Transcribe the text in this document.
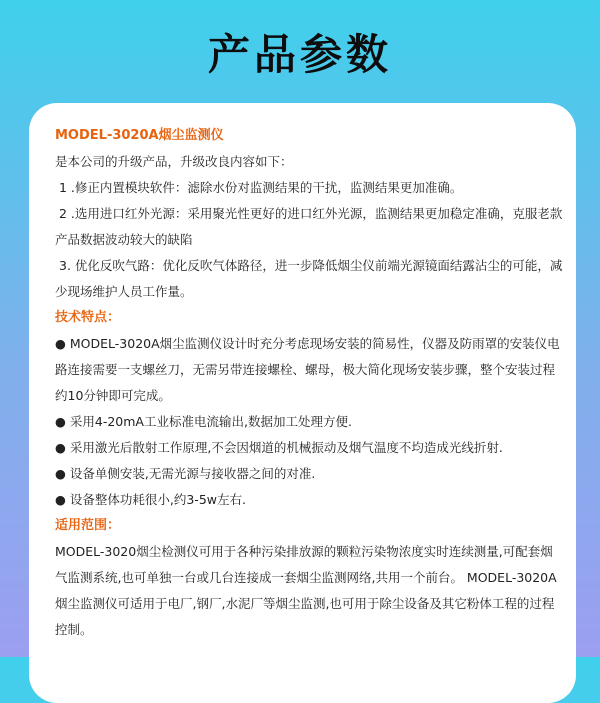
产品参数
MODEL-3020A烟尘监测仪
是本公司的升级产品，升级改良内容如下：
1 .修正内置模块软件：滤除水份对监测结果的干扰，监测结果更加准确。
2 .选用进口红外光源：采用聚光性更好的进口红外光源，监测结果更加稳定准确，克服老款
产品数据波动较大的缺陷
3. 优化反吹气路：优化反吹气体路径，进一步降低烟尘仪前端光源镜面结露沾尘的可能，减
少现场维护人员工作量。
技术特点：
● MODEL-3020A烟尘监测仪设计时充分考虑现场安装的简易性，仪器及防雨罩的安装仪电
路连接需要一支螺丝刀，无需另带连接螺栓、螺母，极大简化现场安装步骤，整个安装过程
约10分钟即可完成。
● 采用4-20mA工业标准电流输出,数据加工处理方便.
● 采用激光后散射工作原理,不会因烟道的机械振动及烟气温度不均造成光线折射.
● 设备单侧安装,无需光源与接收器之间的对准.
● 设备整体功耗很小,约3-5w左右.
适用范围：
MODEL-3020烟尘检测仪可用于各种污染排放源的颗粒污染物浓度实时连续测量,可配套烟
气监测系统,也可单独一台或几台连接成一套烟尘监测网络,共用一个前台。 MODEL-3020A
烟尘监测仪可适用于电厂,钢厂,水泥厂等烟尘监测,也可用于除尘设备及其它粉体工程的过程
控制。
